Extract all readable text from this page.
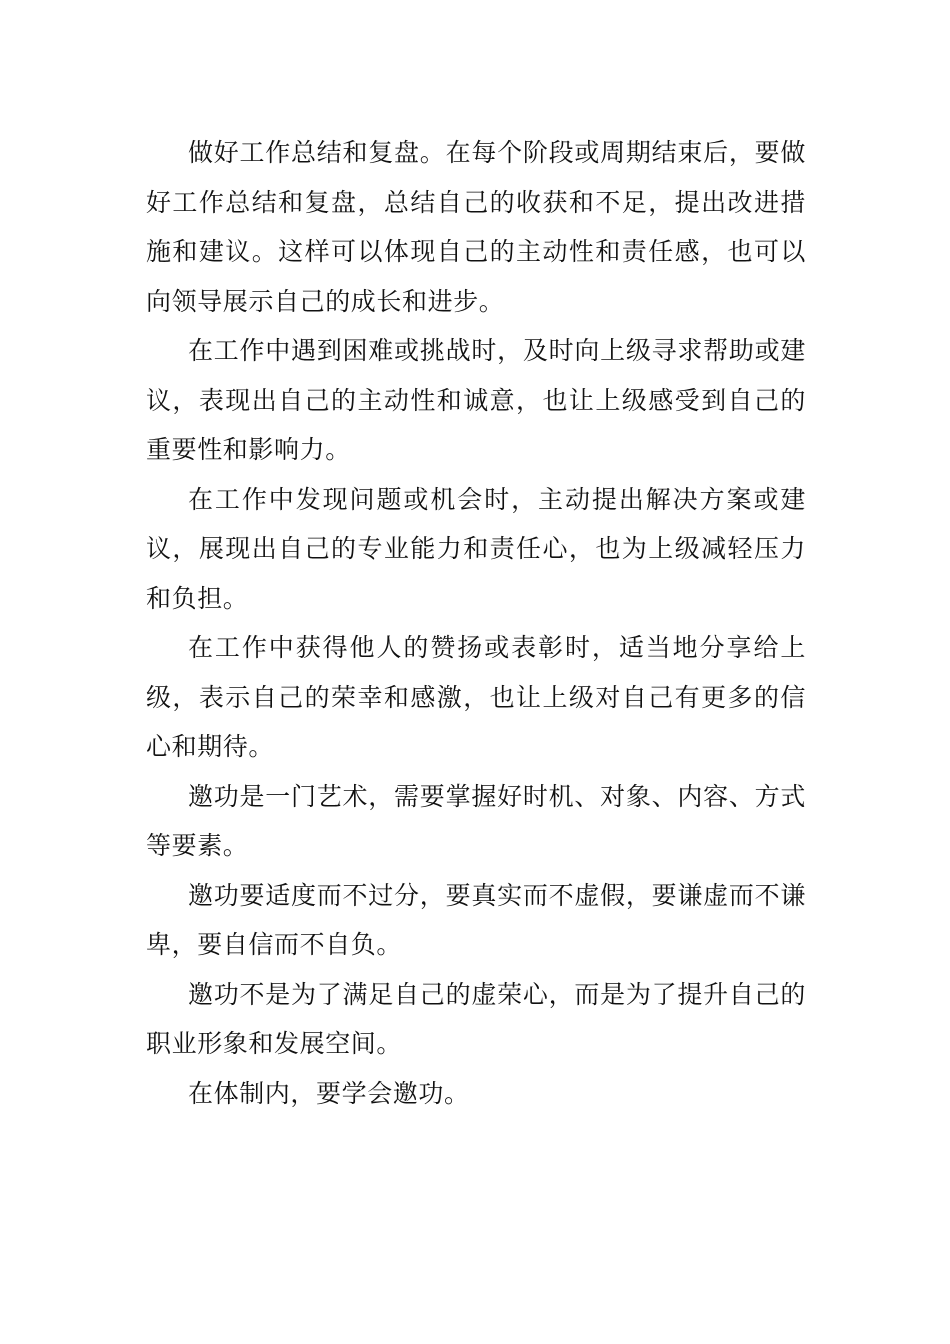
做好工作总结和复盘。在每个阶段或周期结束后，要做好工作总结和复盘，总结自己的收获和不足，提出改进措施和建议。这样可以体现自己的主动性和责任感，也可以向领导展示自己的成长和进步。

在工作中遇到困难或挑战时，及时向上级寻求帮助或建议，表现出自己的主动性和诚意，也让上级感受到自己的重要性和影响力。

在工作中发现问题或机会时，主动提出解决方案或建议，展现出自己的专业能力和责任心，也为上级减轻压力和负担。

在工作中获得他人的赞扬或表彰时，适当地分享给上级，表示自己的荣幸和感激，也让上级对自己有更多的信心和期待。

邀功是一门艺术，需要掌握好时机、对象、内容、方式等要素。

邀功要适度而不过分，要真实而不虚假，要谦虚而不谦卑，要自信而不自负。

邀功不是为了满足自己的虚荣心，而是为了提升自己的职业形象和发展空间。

在体制内，要学会邀功。
